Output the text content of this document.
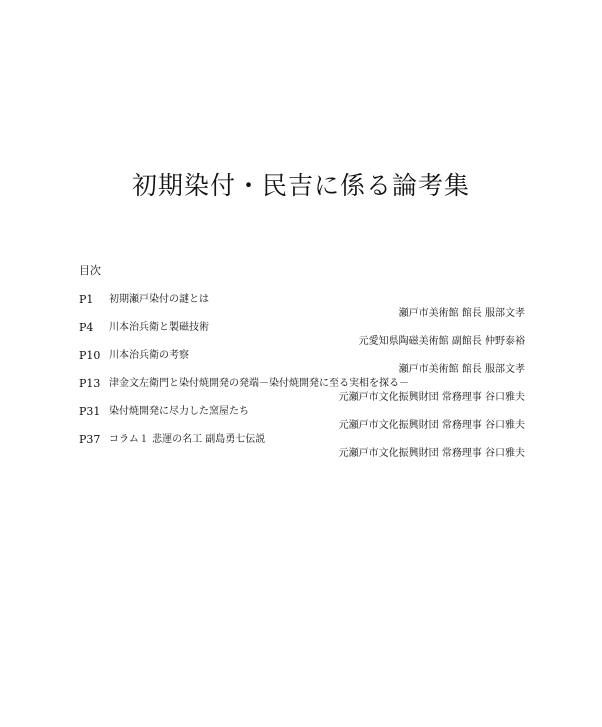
初期染付・民吉に係る論考集
目次
P1 初期瀬戸染付の謎とは
瀬戸市美術館 館長 服部文孝
P4 川本治兵衛と製磁技術
元愛知県陶磁美術館 副館長 仲野泰裕
P10 川本治兵衛の考察
瀬戸市美術館 館長 服部文孝
P13 津金文左衛門と染付焼開発の発端－染付焼開発に至る実相を探る－
元瀬戸市文化振興財団 常務理事 谷口雅夫
P31 染付焼開発に尽力した窯屋たち
元瀬戸市文化振興財団 常務理事 谷口雅夫
P37 コラム１ 悲運の名工 副島勇七伝説
元瀬戸市文化振興財団 常務理事 谷口雅夫
